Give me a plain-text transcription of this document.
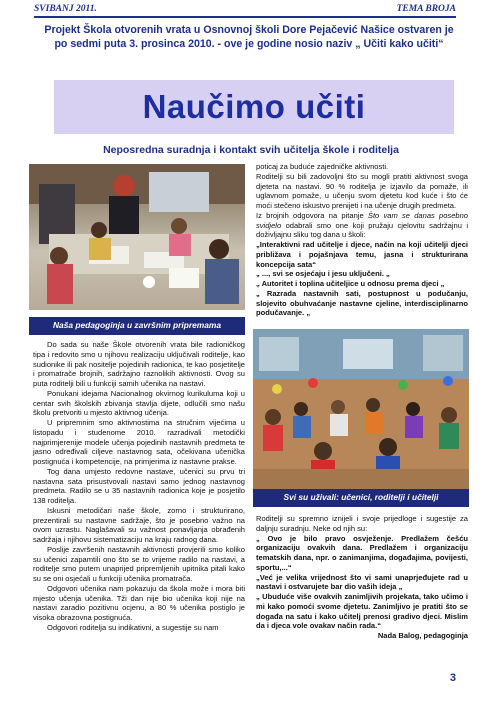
SVIBANJ 2011.	TEMA BROJA
Projekt Škola otvorenih vrata u Osnovnoj školi Dore Pejačević Našice ostvaren je po sedmi puta 3. prosinca 2010. - ove je godine nosio naziv „ Učiti kako učiti“
Naučimo učiti
Neposredna suradnja i kontakt svih učitelja škole i roditelja
Naša pedagoginja u završnim pripremama
Svi su uživali: učenici, roditelji i učitelji

Do sada su naše Škole otvorenih vrata bile radioničkog tipa i redovito smo u njihovu realizaciju uključivali roditelje, kao sudionike ili pak nositelje pojedinih radionica, te kao posjetitelje i promatrače brojnih, sadržajno raznolikih aktivnosti. Ovog su puta roditelji bili u funkciji samih učenika na nastavi.

Ponukani idejama Nacionalnog okvirnog kurikuluma koji u centar svih školskih zbivanja stavlja dijete, odlučili smo našu školu pretvoriti u mjesto aktivnog učenja.

U pripremnim smo aktivnostima na stručnim vijećima u listopadu i studenome 2010. razradivali metodički najprimjerenije modele učenja pojedinih nastavnih predmeta te jasno određivali ciljeve nastavnog sata, očekivana učenička postignuća i kompetencije, na primjerima iz nastavne prakse.

Tog dana umjesto redovne nastave, učenici su prvu tri nastavna sata prisustvovali nastavi samo jednog nastavnog predmeta. Radilo se u 35 nastavnih radionica koje je posjetilo 138 roditelja.

Iskusni metodičari naše škole, zorno i strukturirano, prezentirali su nastavne sadržaje, što je posebno važno na ovom uzrastu. Naglašavali su važnost ponavljanja obrađenih sadržaja i njihovu sistematizaciju na kraju radnog dana.

Poslije završenih nastavnih aktivnosti provjerili smo koliko su učenici zapamtili ono što se to vrijeme radilo na nastavi, a roditelje smo putem unaprijed pripremljenih upitnika pitali kako su se oni osjećali u funkciji učenika promatrača.

Odgovori učenika nam pokazuju da škola može i mora biti mjesto učenja učenika. Tži dan nije bio učenika koji nije na nastavi zaradio pozitivnu ocjenu, a 80 % učenika postiglo je visoka obrazovna postignuća.

Odgovori roditelja su indikativni, a sugestije su nam

poticaj za buduće zajedničke aktivnosti.

Roditelji su bili zadovoljni što su mogli pratiti aktivnost svoga djeteta na nastavi. 90 % roditelja je izjavilo da pomaže, ili uglavnom pomaže, u učenju svom djetetu kod kuće i što će moći stečeno iskustvo prenijeti i na učenje drugih predmeta.

Iz brojnih odgovora na pitanje Što vam se danas posebno svidjelo odabrali smo one koji pružaju cjelovitu sadržajnu i doživljajnu sliku tog dana u školi:

„Interaktivni rad učitelje i djece, način na koji učitelji djeci približava i pojašnjava temu, jasna i strukturirana koncepcija sata“

„ ..., svi se osjećaju i jesu uključeni. „

„ Autoritet i toplina učiteljice u odnosu prema djeci „

„ Razrada nastavnih sati, postupnost u podučanju, slojevito obuhvaćanje nastavne cjeline, interdisciplinarno podučavanje. „

Roditelji su spremno iznijeli i svoje prijedloge i sugestije za daljnju suradnju. Neke od njih su:

„ Ovo je bilo pravo osvježenje. Predlažem češću organizaciju ovakvih dana. Predlažem i organizaciju tematskih dana, npr. o zanimanjima, događajima, povijesti, sportu,...“

„Već je velika vrijednost što vi sami unaprjeđujete rad u nastavi i ostvarujete bar dio vaših ideja „

„ Ubuduće više ovakvih zanimljivih projekata, tako učimo i mi kako pomoći svome djetetu. Zanimljivo je pratiti što se događa na satu i kako učitelj prenosi gradivo djeci. Mislim da i djeca vole ovakav način rada.“

Nada Balog, pedagoginja

3
